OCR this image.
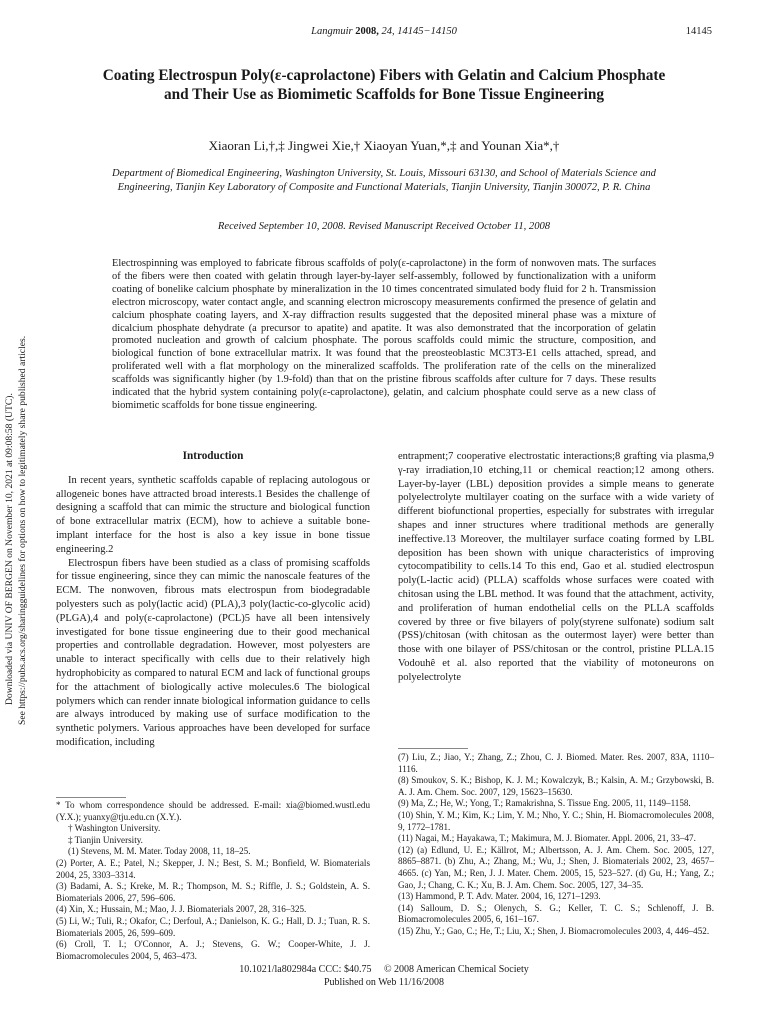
Langmuir 2008, 24, 14145−14150	14145
Coating Electrospun Poly(ε-caprolactone) Fibers with Gelatin and Calcium Phosphate and Their Use as Biomimetic Scaffolds for Bone Tissue Engineering
Xiaoran Li,†,‡ Jingwei Xie,† Xiaoyan Yuan,*,‡ and Younan Xia*,†
Department of Biomedical Engineering, Washington University, St. Louis, Missouri 63130, and School of Materials Science and Engineering, Tianjin Key Laboratory of Composite and Functional Materials, Tianjin University, Tianjin 300072, P. R. China
Received September 10, 2008. Revised Manuscript Received October 11, 2008
Electrospinning was employed to fabricate fibrous scaffolds of poly(ε-caprolactone) in the form of nonwoven mats. The surfaces of the fibers were then coated with gelatin through layer-by-layer self-assembly, followed by functionalization with a uniform coating of bonelike calcium phosphate by mineralization in the 10 times concentrated simulated body fluid for 2 h. Transmission electron microscopy, water contact angle, and scanning electron microscopy measurements confirmed the presence of gelatin and calcium phosphate coating layers, and X-ray diffraction results suggested that the deposited mineral phase was a mixture of dicalcium phosphate dehydrate (a precursor to apatite) and apatite. It was also demonstrated that the incorporation of gelatin promoted nucleation and growth of calcium phosphate. The porous scaffolds could mimic the structure, composition, and biological function of bone extracellular matrix. It was found that the preosteoblastic MC3T3-E1 cells attached, spread, and proliferated well with a flat morphology on the mineralized scaffolds. The proliferation rate of the cells on the mineralized scaffolds was significantly higher (by 1.9-fold) than that on the pristine fibrous scaffolds after culture for 7 days. These results indicated that the hybrid system containing poly(ε-caprolactone), gelatin, and calcium phosphate could serve as a new class of biomimetic scaffolds for bone tissue engineering.
Downloaded via UNIV OF BERGEN on November 10, 2021 at 09:08:58 (UTC). See https://pubs.acs.org/sharingguidelines for options on how to legitimately share published articles.	Introduction

In recent years, synthetic scaffolds capable of replacing autologous or allogeneic bones have attracted broad interests.1 Besides the challenge of designing a scaffold that can mimic the structure and biological function of bone extracellular matrix (ECM), how to achieve a suitable bone-implant interface for the host is also a key issue in bone tissue engineering.2

Electrospun fibers have been studied as a class of promising scaffolds for tissue engineering, since they can mimic the nanoscale features of the ECM. The nonwoven, fibrous mats electrospun from biodegradable polyesters such as poly(lactic acid) (PLA),3 poly(lactic-co-glycolic acid) (PLGA),4 and poly(ε-caprolactone) (PCL)5 have all been intensively investigated for bone tissue engineering due to their good mechanical properties and controllable degradation. However, most polyesters are unable to interact specifically with cells due to their relatively high hydrophobicity as compared to natural ECM and lack of functional groups for the attachment of biologically active molecules.6 The biological polymers which can render innate biological information guidance to cells are always introduced by making use of surface modification to the synthetic polymers. Various approaches have been developed for surface modification, including

entrapment;7 cooperative electrostatic interactions;8 grafting via plasma,9 γ-ray irradiation,10 etching,11 or chemical reaction;12 among others. Layer-by-layer (LBL) deposition provides a simple means to generate polyelectrolyte multilayer coating on the surface with a wide variety of different biofunctional properties, especially for substrates with irregular shapes and inner structures where traditional methods are generally ineffective.13 Moreover, the multilayer surface coating formed by LBL deposition has been shown with unique characteristics of improving cytocompatibility to cells.14 To this end, Gao et al. studied electrospun poly(L-lactic acid) (PLLA) scaffolds whose surfaces were coated with chitosan using the LBL method. It was found that the attachment, activity, and proliferation of human endothelial cells on the PLLA scaffolds covered by three or five bilayers of poly(styrene sulfonate) sodium salt (PSS)/chitosan (with chitosan as the outermost layer) were better than those with one bilayer of PSS/chitosan or the control, pristine PLLA.15 Vodouhê et al. also reported that the viability of motoneurons on polyelectrolyte
* To whom correspondence should be addressed. E-mail: xia@biomed.wustl.edu (Y.X.); yuanxy@tju.edu.cn (X.Y.).
† Washington University.
‡ Tianjin University.
(1) Stevens, M. M. Mater. Today 2008, 11, 18–25.
(2) Porter, A. E.; Patel, N.; Skepper, J. N.; Best, S. M.; Bonfield, W. Biomaterials 2004, 25, 3303–3314.
(3) Badami, A. S.; Kreke, M. R.; Thompson, M. S.; Riffle, J. S.; Goldstein, A. S. Biomaterials 2006, 27, 596–606.
(4) Xin, X.; Hussain, M.; Mao, J. J. Biomaterials 2007, 28, 316–325.
(5) Li, W.; Tuli, R.; Okafor, C.; Derfoul, A.; Danielson, K. G.; Hall, D. J.; Tuan, R. S. Biomaterials 2005, 26, 599–609.
(6) Croll, T. I.; O'Connor, A. J.; Stevens, G. W.; Cooper-White, J. J. Biomacromolecules 2004, 5, 463–473.
(7) Liu, Z.; Jiao, Y.; Zhang, Z.; Zhou, C. J. Biomed. Mater. Res. 2007, 83A, 1110–1116.
(8) Smoukov, S. K.; Bishop, K. J. M.; Kowalczyk, B.; Kalsin, A. M.; Grzybowski, B. A. J. Am. Chem. Soc. 2007, 129, 15623–15630.
(9) Ma, Z.; He, W.; Yong, T.; Ramakrishna, S. Tissue Eng. 2005, 11, 1149–1158.
(10) Shin, Y. M.; Kim, K.; Lim, Y. M.; Nho, Y. C.; Shin, H. Biomacromolecules 2008, 9, 1772–1781.
(11) Nagai, M.; Hayakawa, T.; Makimura, M. J. Biomater. Appl. 2006, 21, 33–47.
(12) (a) Edlund, U. E.; Källrot, M.; Albertsson, A. J. Am. Chem. Soc. 2005, 127, 8865–8871. (b) Zhu, A.; Zhang, M.; Wu, J.; Shen, J. Biomaterials 2002, 23, 4657–4665. (c) Yan, M.; Ren, J. J. Mater. Chem. 2005, 15, 523–527. (d) Gu, H.; Yang, Z.; Gao, J.; Chang, C. K.; Xu, B. J. Am. Chem. Soc. 2005, 127, 34–35.
(13) Hammond, P. T. Adv. Mater. 2004, 16, 1271–1293.
(14) Salloum, D. S.; Olenych, S. G.; Keller, T. C. S.; Schlenoff, J. B. Biomacromolecules 2005, 6, 161–167.
(15) Zhu, Y.; Gao, C.; He, T.; Liu, X.; Shen, J. Biomacromolecules 2003, 4, 446–452.
10.1021/la802984a CCC: $40.75     © 2008 American Chemical Society
Published on Web 11/16/2008
